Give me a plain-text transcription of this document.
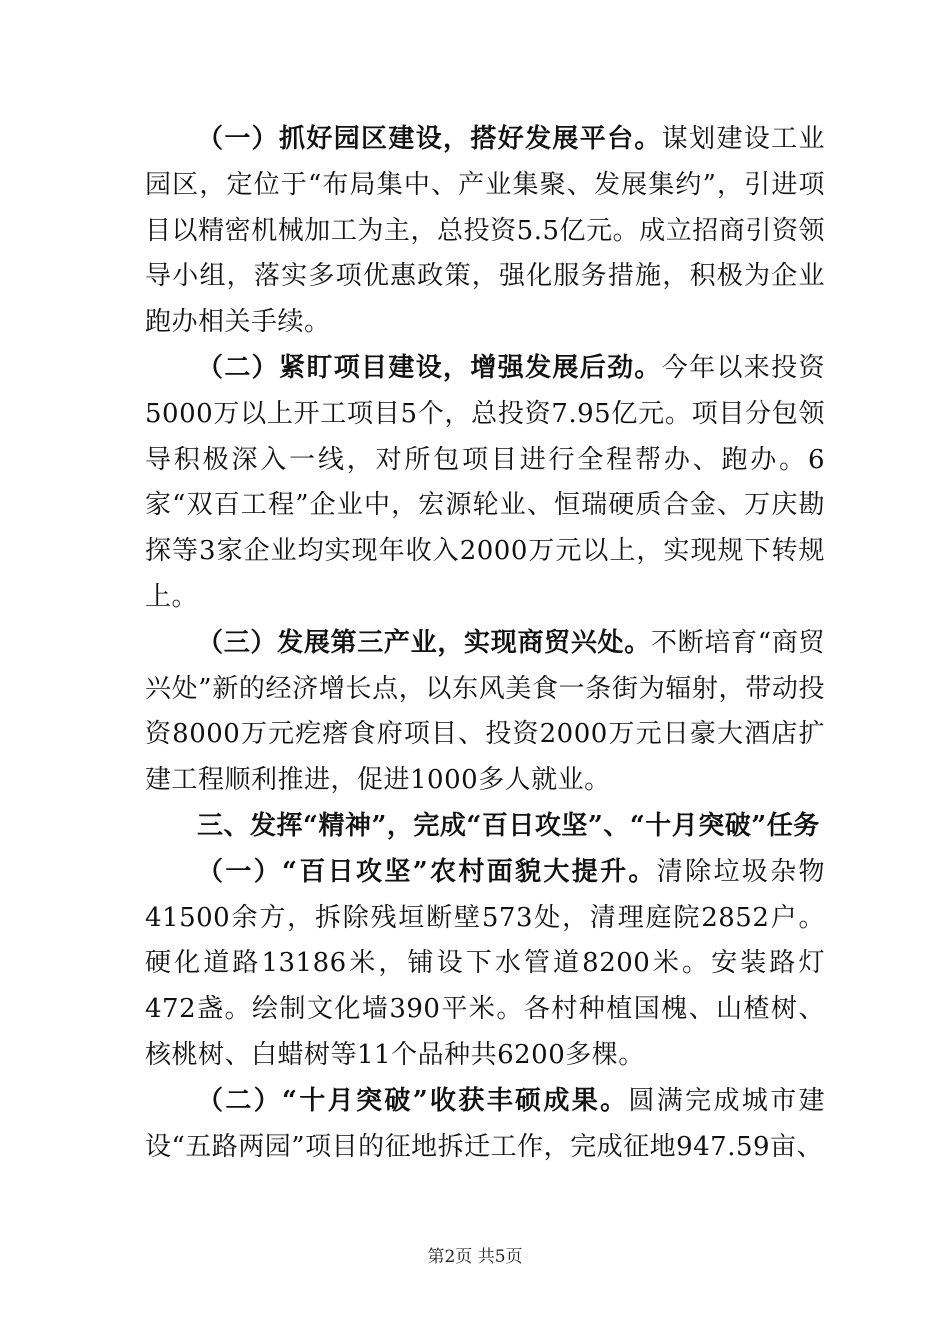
（一）抓好园区建设，搭好发展平台。谋划建设工业园区，定位于“布局集中、产业集聚、发展集约”，引进项目以精密机械加工为主，总投资5.5亿元。成立招商引资领导小组，落实多项优惠政策，强化服务措施，积极为企业跑办相关手续。

（二）紧盯项目建设，增强发展后劲。今年以来投资5000万以上开工项目5个，总投资7.95亿元。项目分包领导积极深入一线，对所包项目进行全程帮办、跑办。6家“双百工程”企业中，宏源轮业、恒瑞硬质合金、万庆勘探等3家企业均实现年收入2000万元以上，实现规下转规上。

（三）发展第三产业，实现商贸兴处。不断培育“商贸兴处”新的经济增长点，以东风美食一条街为辐射，带动投资8000万元疙瘩食府项目、投资2000万元日豪大酒店扩建工程顺利推进，促进1000多人就业。

三、发挥“精神”，完成“百日攻坚”、“十月突破”任务

（一）“百日攻坚”农村面貌大提升。清除垃圾杂物41500余方，拆除残垣断壁573处，清理庭院2852户。硬化道路13186米，铺设下水管道8200米。安装路灯472盏。绘制文化墙390平米。各村种植国槐、山楂树、核桃树、白蜡树等11个品种共6200多棵。

（二）“十月突破”收获丰硕成果。圆满完成城市建设“五路两园”项目的征地拆迁工作，完成征地947.59亩、

第2页 共5页
